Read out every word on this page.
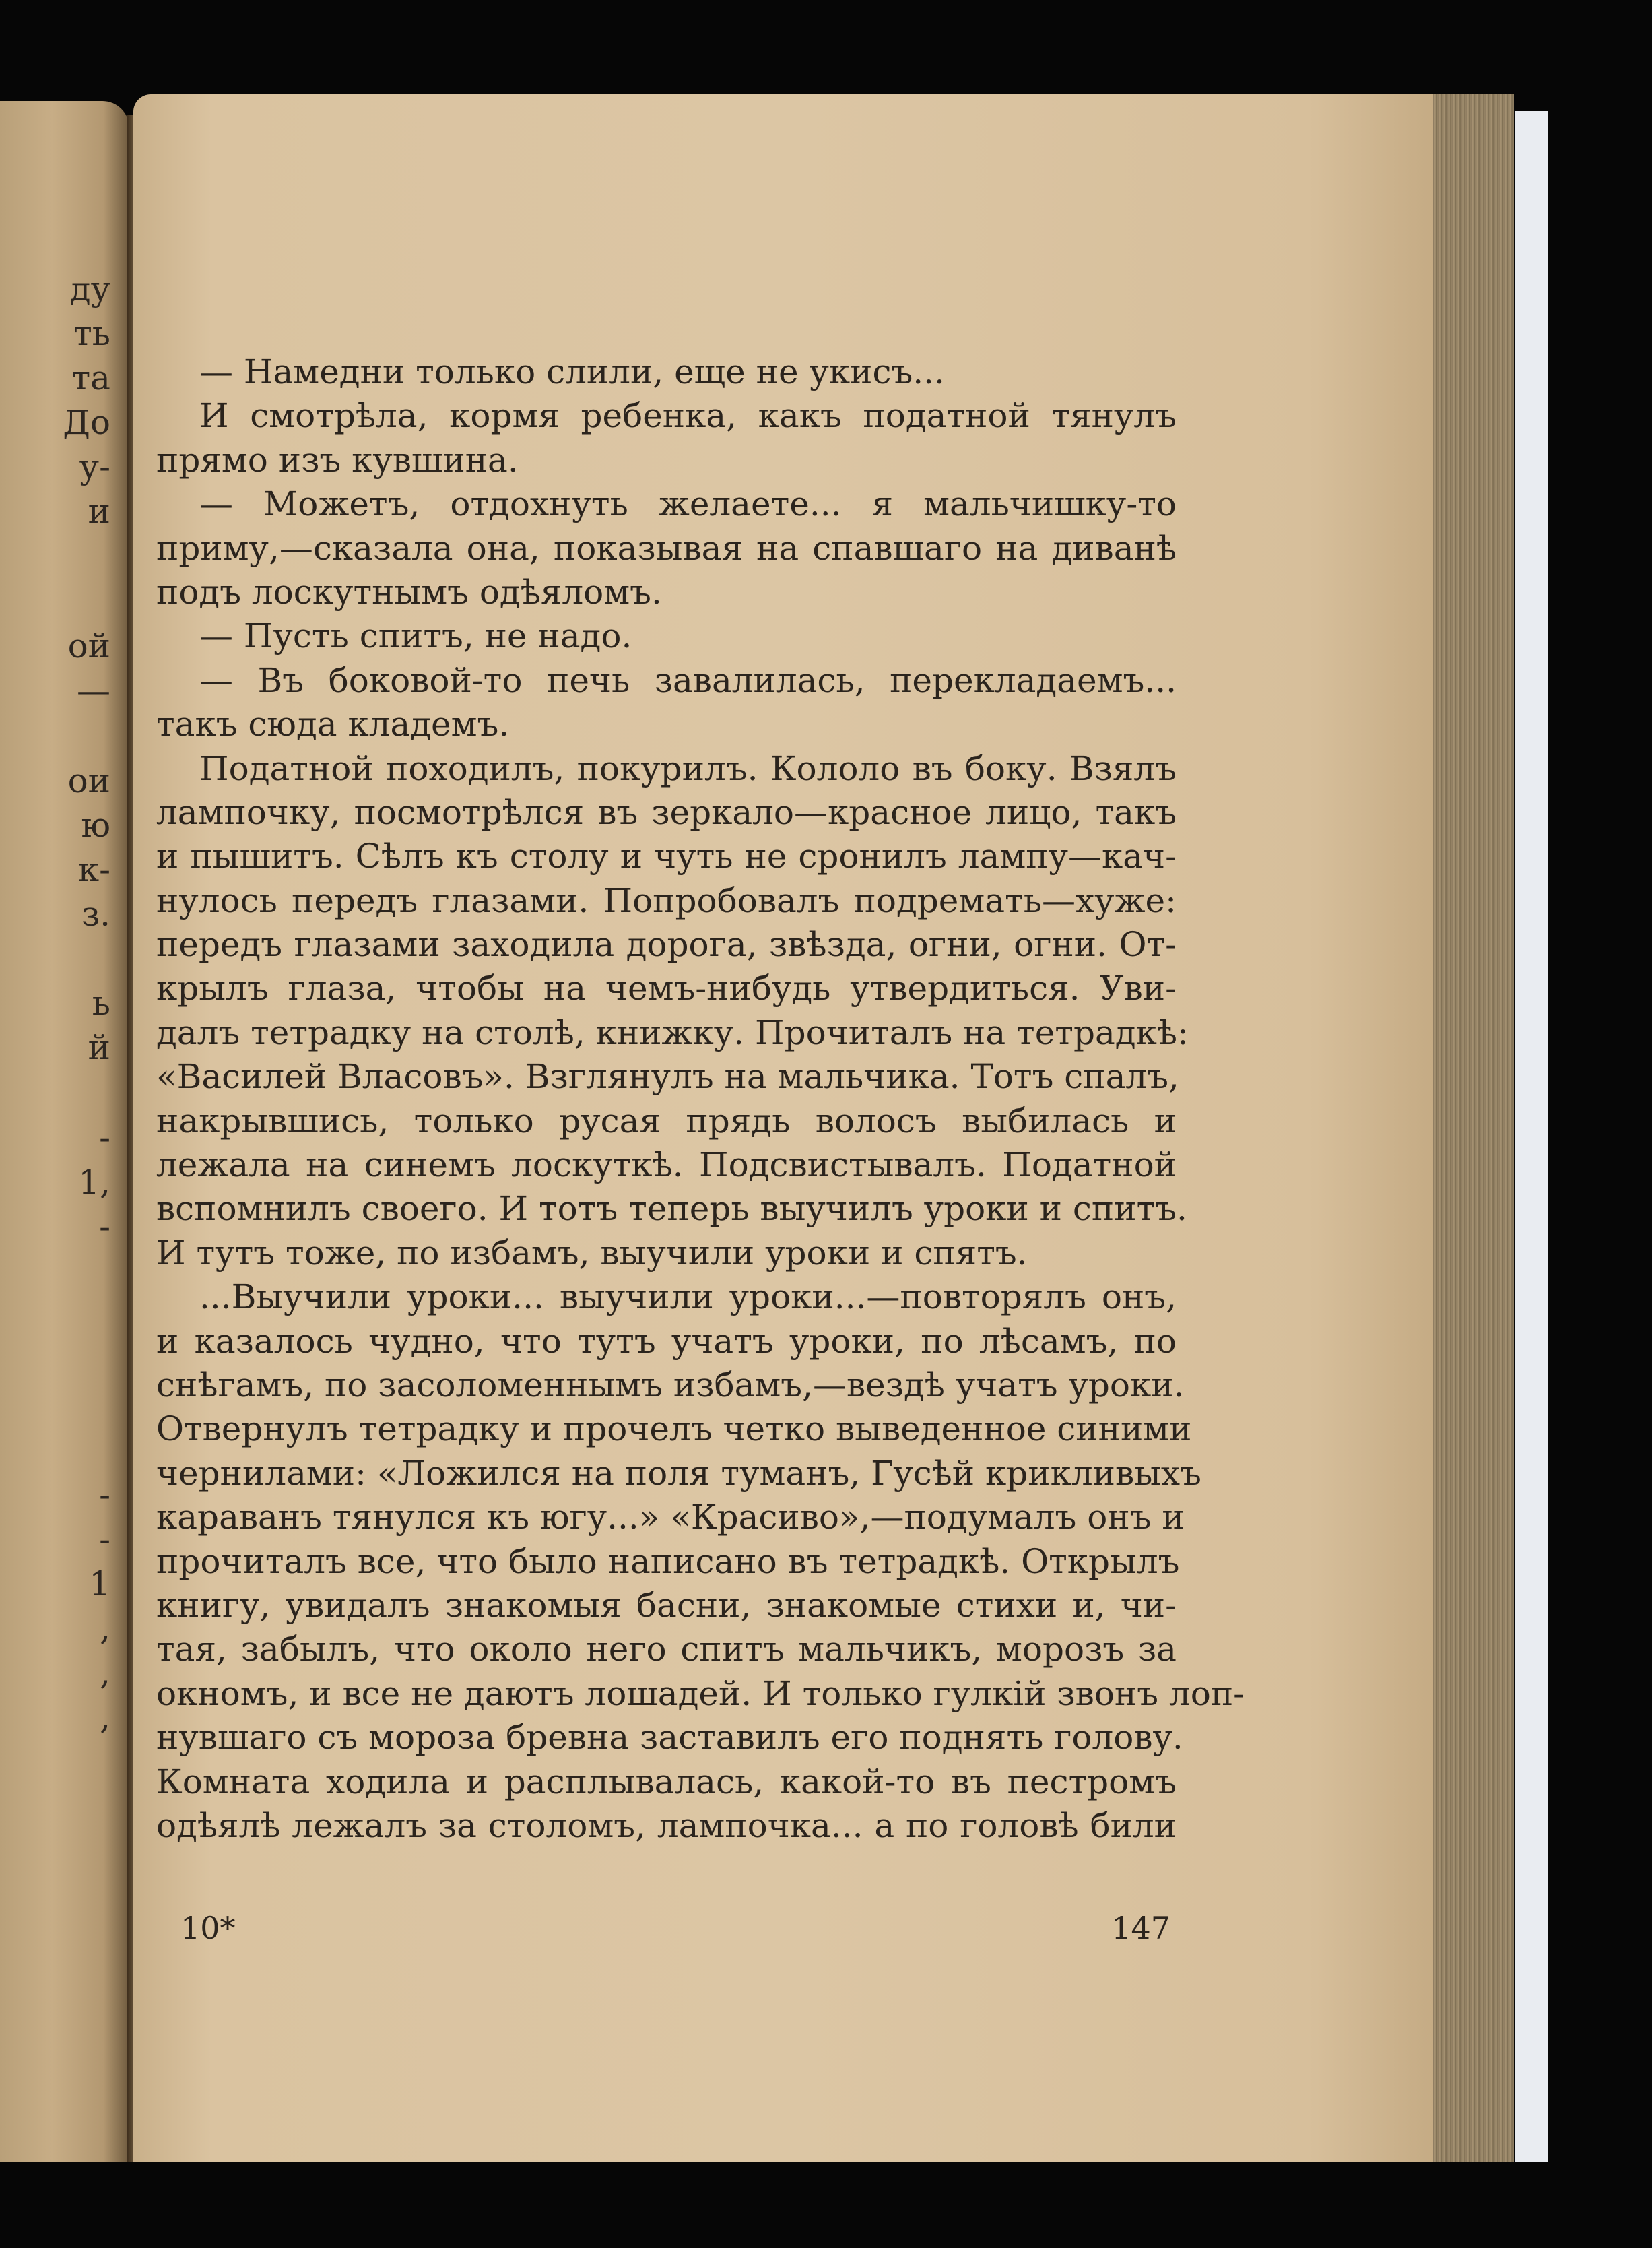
ду
ть
та
До
у-
и
ой
—
ои
ю
к-
з.
ь
й
-
1,
-
-
-
1
,
,
,
— Намедни только слили, еще не укисъ...
И смотрѣла, кормя ребенка, какъ податной тянулъ
прямо изъ кувшина.
— Можетъ, отдохнуть желаете... я мальчишку-то
приму,—сказала она, показывая на спавшаго на диванѣ
подъ лоскутнымъ одѣяломъ.
— Пусть спитъ, не надо.
— Въ боковой-то печь завалилась, перекладаемъ...
такъ сюда кладемъ.
Податной походилъ, покурилъ. Кололо въ боку. Взялъ
лампочку, посмотрѣлся въ зеркало—красное лицо, такъ
и пышитъ. Сѣлъ къ столу и чуть не сронилъ лампу—кач-
нулось передъ глазами. Попробовалъ подремать—хуже:
передъ глазами заходила дорога, звѣзда, огни, огни. От-
крылъ глаза, чтобы на чемъ-нибудь утвердиться. Уви-
далъ тетрадку на столѣ, книжку. Прочиталъ на тетрадкѣ:
«Василей Власовъ». Взглянулъ на мальчика. Тотъ спалъ,
накрывшись, только русая прядь волосъ выбилась и
лежала на синемъ лоскуткѣ. Подсвистывалъ. Податной
вспомнилъ своего. И тотъ теперь выучилъ уроки и спитъ.
И тутъ тоже, по избамъ, выучили уроки и спятъ.
...Выучили уроки... выучили уроки...—повторялъ онъ,
и казалось чудно, что тутъ учатъ уроки, по лѣсамъ, по
снѣгамъ, по засоломеннымъ избамъ,—вездѣ учатъ уроки.
Отвернулъ тетрадку и прочелъ четко выведенное синими
чернилами: «Ложился на поля туманъ, Гусѣй крикливыхъ
караванъ тянулся къ югу...» «Красиво»,—подумалъ онъ и
прочиталъ все, что было написано въ тетрадкѣ. Открылъ
книгу, увидалъ знакомыя басни, знакомые стихи и, чи-
тая, забылъ, что около него спитъ мальчикъ, морозъ за
окномъ, и все не даютъ лошадей. И только гулкій звонъ лоп-
нувшаго съ мороза бревна заставилъ его поднять голову.
Комната ходила и расплывалась, какой-то въ пестромъ
одѣялѣ лежалъ за столомъ, лампочка... а по головѣ били
10*	147
